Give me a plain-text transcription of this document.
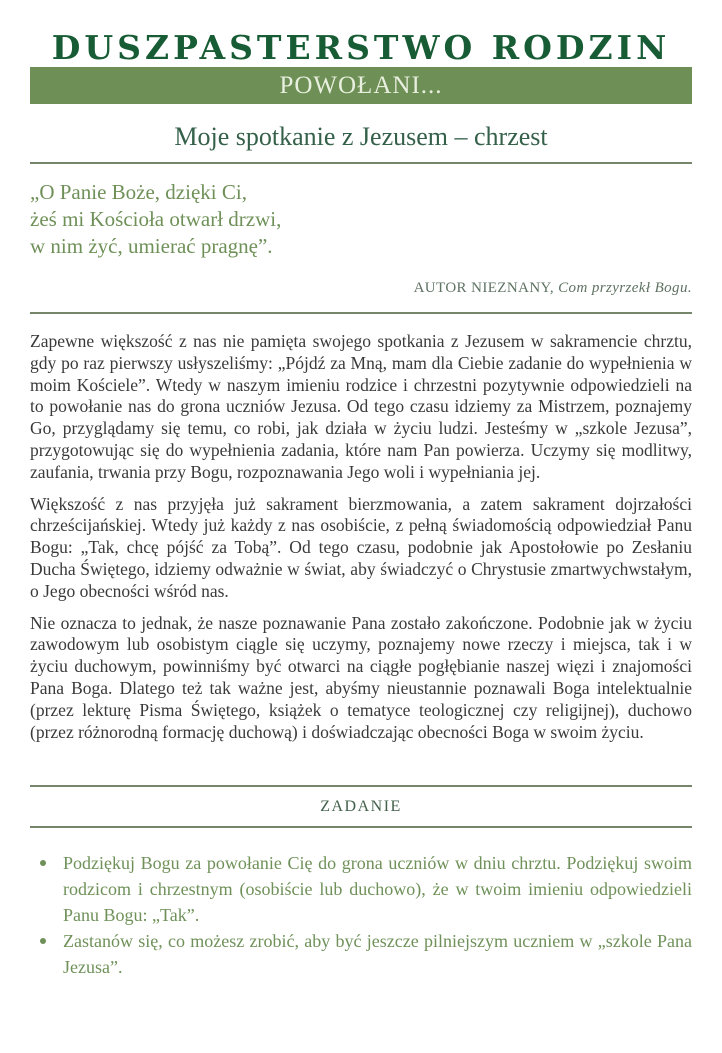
DUSZPASTERSTWO RODZIN
POWOŁANI...
Moje spotkanie z Jezusem – chrzest
„O Panie Boże, dzięki Ci,
żeś mi Kościoła otwarł drzwi,
w nim żyć, umierać pragnę”.
AUTOR NIEZNANY, Com przyrzekł Bogu.

Zapewne większość z nas nie pamięta swojego spotkania z Jezusem w sakramencie chrztu, gdy po raz pierwszy usłyszeliśmy: „Pójdź za Mną, mam dla Ciebie zadanie do wypełnienia w moim Kościele”. Wtedy w naszym imieniu rodzice i chrzestni pozytywnie odpowiedzieli na to powołanie nas do grona uczniów Jezusa. Od tego czasu idziemy za Mistrzem, poznajemy Go, przyglądamy się temu, co robi, jak działa w życiu ludzi. Jesteśmy w „szkole Jezusa”, przygotowując się do wypełnienia zadania, które nam Pan powierza. Uczymy się modlitwy, zaufania, trwania przy Bogu, rozpoznawania Jego woli i wypełniania jej.

Większość z nas przyjęła już sakrament bierzmowania, a zatem sakrament dojrzałości chrześcijańskiej. Wtedy już każdy z nas osobiście, z pełną świadomością odpowiedział Panu Bogu: „Tak, chcę pójść za Tobą”. Od tego czasu, podobnie jak Apostołowie po Zesłaniu Ducha Świętego, idziemy odważnie w świat, aby świadczyć o Chrystusie zmartwychwstałym, o Jego obecności wśród nas.

Nie oznacza to jednak, że nasze poznawanie Pana zostało zakończone. Podobnie jak w życiu zawodowym lub osobistym ciągle się uczymy, poznajemy nowe rzeczy i miejsca, tak i w życiu duchowym, powinniśmy być otwarci na ciągłe pogłębianie naszej więzi i znajomości Pana Boga. Dlatego też tak ważne jest, abyśmy nieustannie poznawali Boga intelektualnie (przez lekturę Pisma Świętego, książek o tematyce teologicznej czy religijnej), duchowo (przez różnorodną formację duchową) i doświadczając obecności Boga w swoim życiu.

ZADANIE
Podziękuj Bogu za powołanie Cię do grona uczniów w dniu chrztu. Podziękuj swoim rodzicom i chrzestnym (osobiście lub duchowo), że w twoim imieniu odpowiedzieli Panu Bogu: „Tak”.
Zastanów się, co możesz zrobić, aby być jeszcze pilniejszym uczniem w „szkole Pana Jezusa”.
